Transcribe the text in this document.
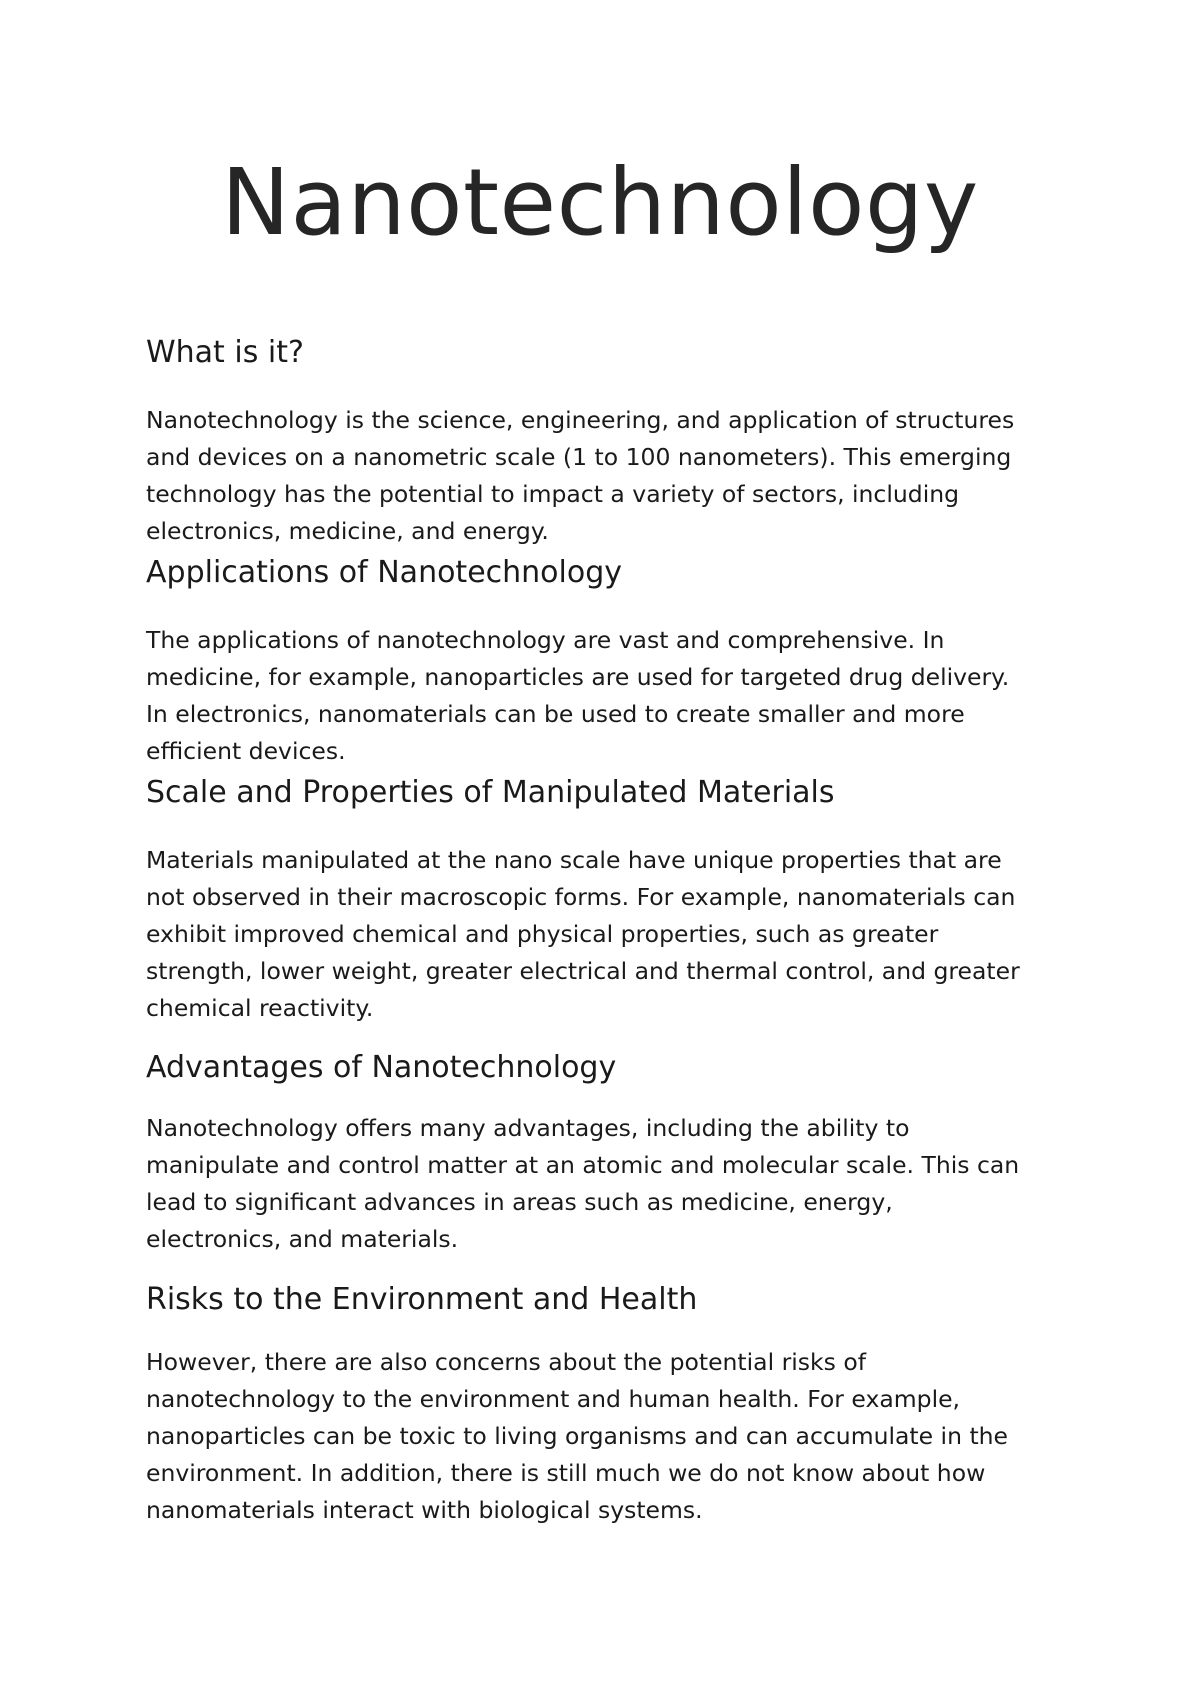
Nanotechnology
What is it?

Nanotechnology is the science, engineering, and application of structures
and devices on a nanometric scale (1 to 100 nanometers). This emerging
technology has the potential to impact a variety of sectors, including
electronics, medicine, and energy.

Applications of Nanotechnology

The applications of nanotechnology are vast and comprehensive. In
medicine, for example, nanoparticles are used for targeted drug delivery.
In electronics, nanomaterials can be used to create smaller and more
efficient devices.

Scale and Properties of Manipulated Materials

Materials manipulated at the nano scale have unique properties that are
not observed in their macroscopic forms. For example, nanomaterials can
exhibit improved chemical and physical properties, such as greater
strength, lower weight, greater electrical and thermal control, and greater
chemical reactivity.

Advantages of Nanotechnology

Nanotechnology offers many advantages, including the ability to
manipulate and control matter at an atomic and molecular scale. This can
lead to significant advances in areas such as medicine, energy,
electronics, and materials.

Risks to the Environment and Health

However, there are also concerns about the potential risks of
nanotechnology to the environment and human health. For example,
nanoparticles can be toxic to living organisms and can accumulate in the
environment. In addition, there is still much we do not know about how
nanomaterials interact with biological systems.
